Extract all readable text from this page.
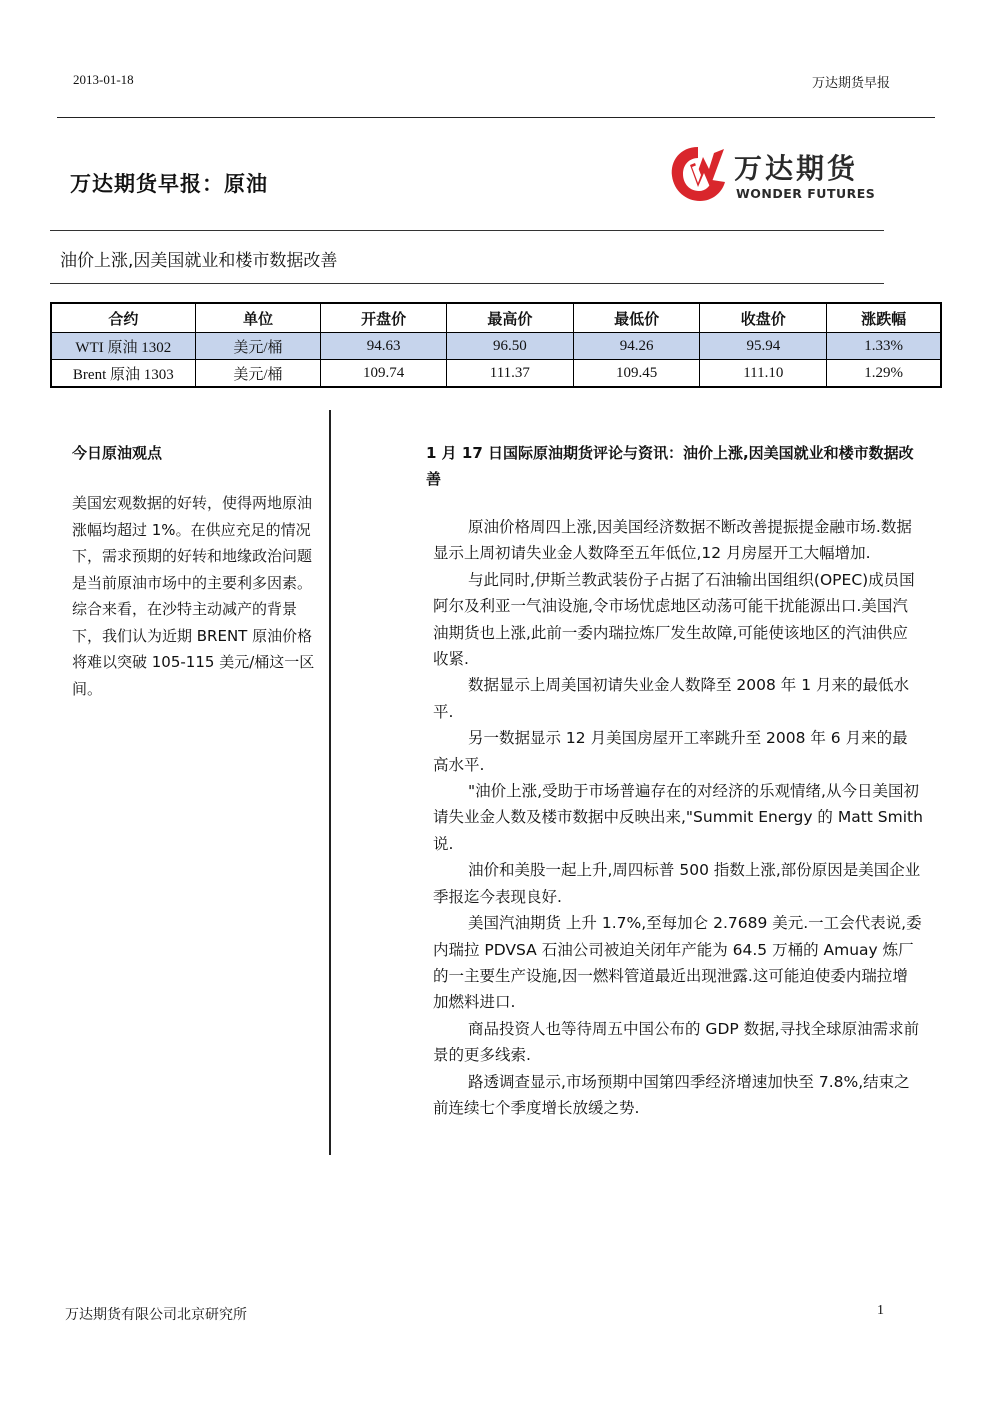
2013-01-18	万达期货早报
万达期货早报：原油	万达期货
WONDER FUTURES
油价上涨,因美国就业和楼市数据改善
合约	单位	开盘价	最高价	最低价	收盘价	涨跌幅
WTI 原油 1302	美元/桶	94.63	96.50	94.26	95.94	1.33%
Brent 原油 1303	美元/桶	109.74	111.37	109.45	111.10	1.29%
今日原油观点
美国宏观数据的好转，使得两地原油涨幅均超过 1%。在供应充足的情况下，需求预期的好转和地缘政治问题是当前原油市场中的主要利多因素。综合来看，在沙特主动减产的背景下，我们认为近期 BRENT 原油价格将难以突破 105-115 美元/桶这一区间。
1 月 17 日国际原油期货评论与资讯：油价上涨,因美国就业和楼市数据改善

原油价格周四上涨,因美国经济数据不断改善提振提金融市场.数据显示上周初请失业金人数降至五年低位,12 月房屋开工大幅增加.

与此同时,伊斯兰教武装份子占据了石油输出国组织(OPEC)成员国阿尔及利亚一气油设施,令市场忧虑地区动荡可能干扰能源出口.美国汽油期货也上涨,此前一委内瑞拉炼厂发生故障,可能使该地区的汽油供应收紧.

数据显示上周美国初请失业金人数降至 2008 年 1 月来的最低水平.

另一数据显示 12 月美国房屋开工率跳升至 2008 年 6 月来的最高水平.

"油价上涨,受助于市场普遍存在的对经济的乐观情绪,从今日美国初请失业金人数及楼市数据中反映出来,"Summit Energy 的 Matt Smith 说.

油价和美股一起上升,周四标普 500 指数上涨,部份原因是美国企业季报迄今表现良好.

美国汽油期货 上升 1.7%,至每加仑 2.7689 美元.一工会代表说,委内瑞拉 PDVSA 石油公司被迫关闭年产能为 64.5 万桶的 Amuay 炼厂的一主要生产设施,因一燃料管道最近出现泄露.这可能迫使委内瑞拉增加燃料进口.

商品投资人也等待周五中国公布的 GDP 数据,寻找全球原油需求前景的更多线索.

路透调查显示,市场预期中国第四季经济增速加快至 7.8%,结束之前连续七个季度增长放缓之势.

万达期货有限公司北京研究所	1
